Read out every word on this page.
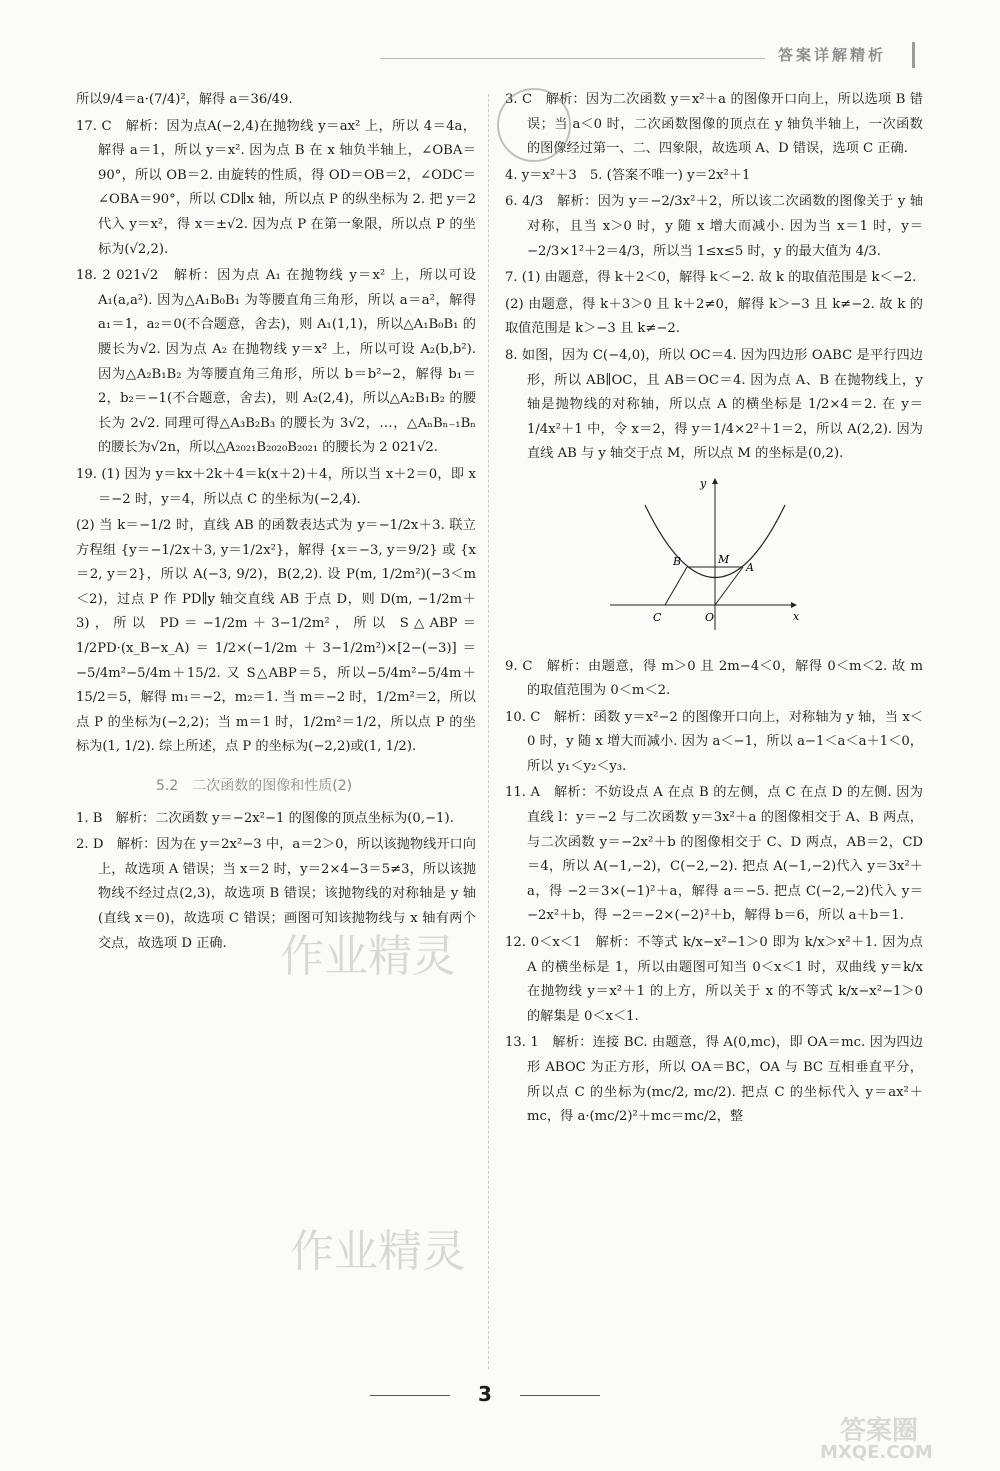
答案详解精析

所以9/4＝a·(7/4)²，解得 a＝36/49.

17. C　解析：因为点A(−2,4)在抛物线 y＝ax² 上，所以 4＝4a，解得 a＝1，所以 y＝x². 因为点 B 在 x 轴负半轴上，∠OBA＝90°，所以 OB＝2. 由旋转的性质，得 OD＝OB＝2，∠ODC＝∠OBA＝90°，所以 CD∥x 轴，所以点 P 的纵坐标为 2. 把 y＝2 代入 y＝x²，得 x＝±√2. 因为点 P 在第一象限，所以点 P 的坐标为(√2,2).

18. 2 021√2　解析：因为点 A₁ 在抛物线 y＝x² 上，所以可设 A₁(a,a²). 因为△A₁B₀B₁ 为等腰直角三角形，所以 a＝a²，解得 a₁＝1，a₂＝0(不合题意，舍去)，则 A₁(1,1)，所以△A₁B₀B₁ 的腰长为√2. 因为点 A₂ 在抛物线 y＝x² 上，所以可设 A₂(b,b²). 因为△A₂B₁B₂ 为等腰直角三角形，所以 b＝b²−2，解得 b₁＝2，b₂＝−1(不合题意，舍去)，则 A₂(2,4)，所以△A₂B₁B₂ 的腰长为 2√2. 同理可得△A₃B₂B₃ 的腰长为 3√2，…，△AₙBₙ₋₁Bₙ 的腰长为√2n，所以△A₂₀₂₁B₂₀₂₀B₂₀₂₁ 的腰长为 2 021√2.

19. (1) 因为 y＝kx＋2k＋4＝k(x＋2)＋4，所以当 x＋2＝0，即 x＝−2 时，y＝4，所以点 C 的坐标为(−2,4).

(2) 当 k＝−1/2 时，直线 AB 的函数表达式为 y＝−1/2x＋3. 联立方程组 {y＝−1/2x＋3, y＝1/2x²}，解得 {x＝−3, y＝9/2} 或 {x＝2, y＝2}，所以 A(−3, 9/2)，B(2,2). 设 P(m, 1/2m²)(−3＜m＜2)，过点 P 作 PD∥y 轴交直线 AB 于点 D，则 D(m, −1/2m＋3)，所以 PD＝−1/2m＋3−1/2m²，所以 S△ABP＝1/2PD·(x_B−x_A)＝1/2×(−1/2m＋3−1/2m²)×[2−(−3)]＝−5/4m²−5/4m＋15/2. 又 S△ABP＝5，所以−5/4m²−5/4m＋15/2＝5，解得 m₁＝−2，m₂＝1. 当 m＝−2 时，1/2m²＝2，所以点 P 的坐标为(−2,2)；当 m＝1 时，1/2m²＝1/2，所以点 P 的坐标为(1, 1/2). 综上所述，点 P 的坐标为(−2,2)或(1, 1/2).

5.2　二次函数的图像和性质(2)

1. B　解析：二次函数 y＝−2x²−1 的图像的顶点坐标为(0,−1).

2. D　解析：因为在 y＝2x²−3 中，a＝2＞0，所以该抛物线开口向上，故选项 A 错误；当 x＝2 时，y＝2×4−3＝5≠3，所以该抛物线不经过点(2,3)，故选项 B 错误；该抛物线的对称轴是 y 轴(直线 x＝0)，故选项 C 错误；画图可知该抛物线与 x 轴有两个交点，故选项 D 正确.

3. C　解析：因为二次函数 y＝x²＋a 的图像开口向上，所以选项 B 错误；当 a＜0 时，二次函数图像的顶点在 y 轴负半轴上，一次函数的图像经过第一、二、四象限，故选项 A、D 错误，选项 C 正确.

4. y＝x²＋3　5. (答案不唯一) y＝2x²＋1

6. 4/3　解析：因为 y＝−2/3x²＋2，所以该二次函数的图像关于 y 轴对称，且当 x＞0 时，y 随 x 增大而减小. 因为当 x＝1 时，y＝−2/3×1²＋2＝4/3，所以当 1≤x≤5 时，y 的最大值为 4/3.

7. (1) 由题意，得 k＋2＜0，解得 k＜−2. 故 k 的取值范围是 k＜−2.

(2) 由题意，得 k＋3＞0 且 k＋2≠0，解得 k＞−3 且 k≠−2. 故 k 的取值范围是 k＞−3 且 k≠−2.

8. 如图，因为 C(−4,0)，所以 OC＝4. 因为四边形 OABC 是平行四边形，所以 AB∥OC，且 AB＝OC＝4. 因为点 A、B 在抛物线上，y 轴是抛物线的对称轴，所以点 A 的横坐标是 1/2×4＝2. 在 y＝1/4x²＋1 中，令 x＝2，得 y＝1/4×2²＋1＝2，所以 A(2,2). 因为直线 AB 与 y 轴交于点 M，所以点 M 的坐标是(0,2).

y
x
O
C
B	M
A

9. C　解析：由题意，得 m＞0 且 2m−4＜0，解得 0＜m＜2. 故 m 的取值范围为 0＜m＜2.

10. C　解析：函数 y＝x²−2 的图像开口向上，对称轴为 y 轴，当 x＜0 时，y 随 x 增大而减小. 因为 a＜−1，所以 a−1＜a＜a＋1＜0，所以 y₁＜y₂＜y₃.

11. A　解析：不妨设点 A 在点 B 的左侧，点 C 在点 D 的左侧. 因为直线 l：y＝−2 与二次函数 y＝3x²＋a 的图像相交于 A、B 两点，与二次函数 y＝−2x²＋b 的图像相交于 C、D 两点，AB＝2，CD＝4，所以 A(−1,−2)，C(−2,−2). 把点 A(−1,−2)代入 y＝3x²＋a，得 −2＝3×(−1)²＋a，解得 a＝−5. 把点 C(−2,−2)代入 y＝−2x²＋b，得 −2＝−2×(−2)²＋b，解得 b＝6，所以 a＋b＝1.

12. 0＜x＜1　解析：不等式 k/x−x²−1＞0 即为 k/x＞x²＋1. 因为点 A 的横坐标是 1，所以由题图可知当 0＜x＜1 时，双曲线 y＝k/x 在抛物线 y＝x²＋1 的上方，所以关于 x 的不等式 k/x−x²−1＞0 的解集是 0＜x＜1.

13. 1　解析：连接 BC. 由题意，得 A(0,mc)，即 OA＝mc. 因为四边形 ABOC 为正方形，所以 OA＝BC，OA 与 BC 互相垂直平分，所以点 C 的坐标为(mc/2, mc/2). 把点 C 的坐标代入 y＝ax²＋mc，得 a·(mc/2)²＋mc＝mc/2，整

作业精灵
作业精灵
3
答案圈
MXQE.COM
